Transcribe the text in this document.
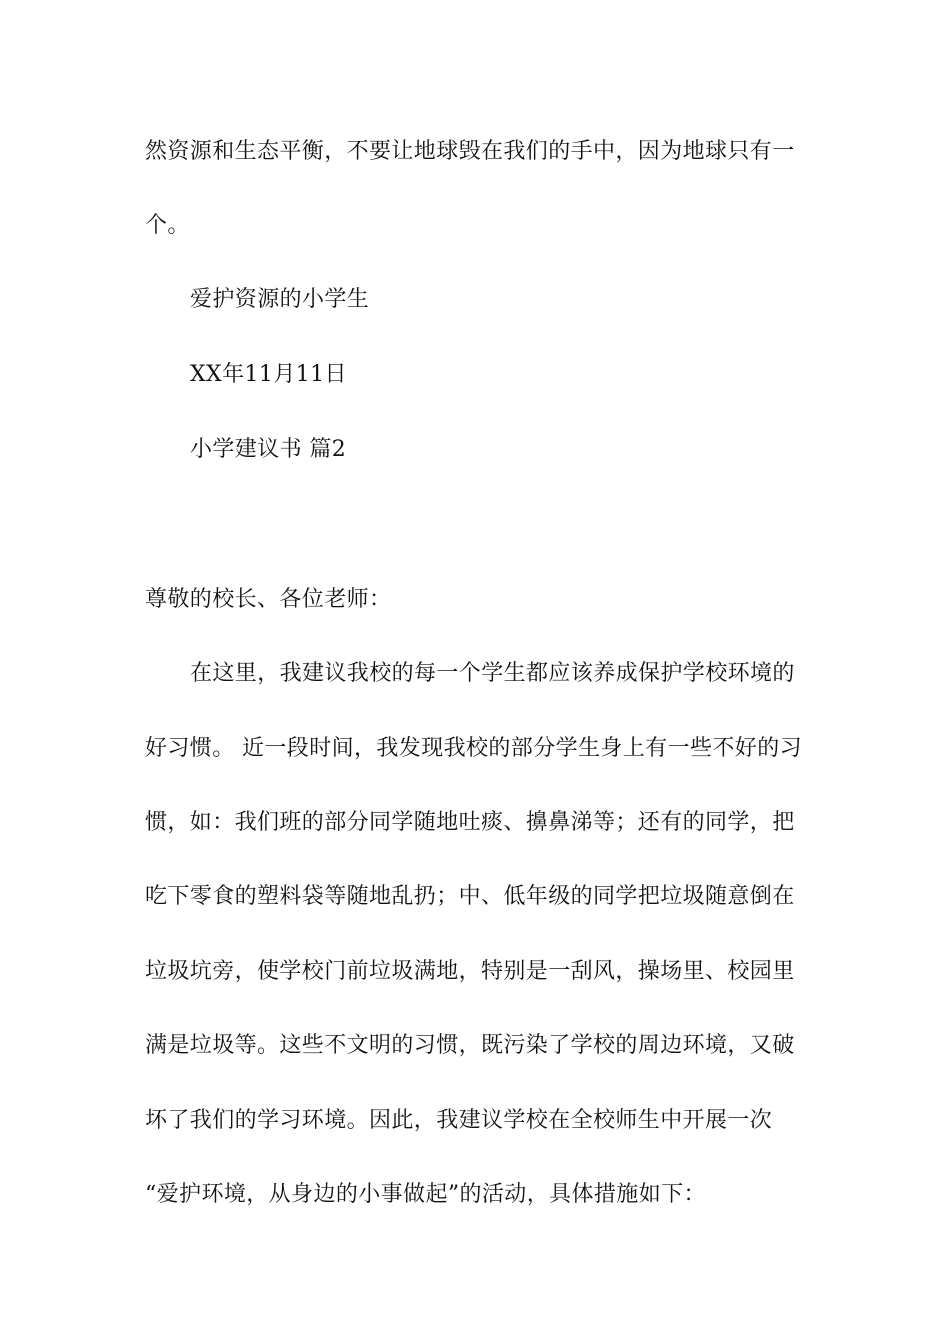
然资源和生态平衡，不要让地球毁在我们的手中，因为地球只有一
个。
爱护资源的小学生
XX年11月11日
小学建议书 篇2
尊敬的校长、各位老师：
在这里，我建议我校的每一个学生都应该养成保护学校环境的
好习惯。 近一段时间，我发现我校的部分学生身上有一些不好的习
惯，如：我们班的部分同学随地吐痰、擤鼻涕等；还有的同学，把
吃下零食的塑料袋等随地乱扔；中、低年级的同学把垃圾随意倒在
垃圾坑旁，使学校门前垃圾满地，特别是一刮风，操场里、校园里
满是垃圾等。这些不文明的习惯，既污染了学校的周边环境，又破
坏了我们的学习环境。因此，我建议学校在全校师生中开展一次
“爱护环境，从身边的小事做起”的活动，具体措施如下：
